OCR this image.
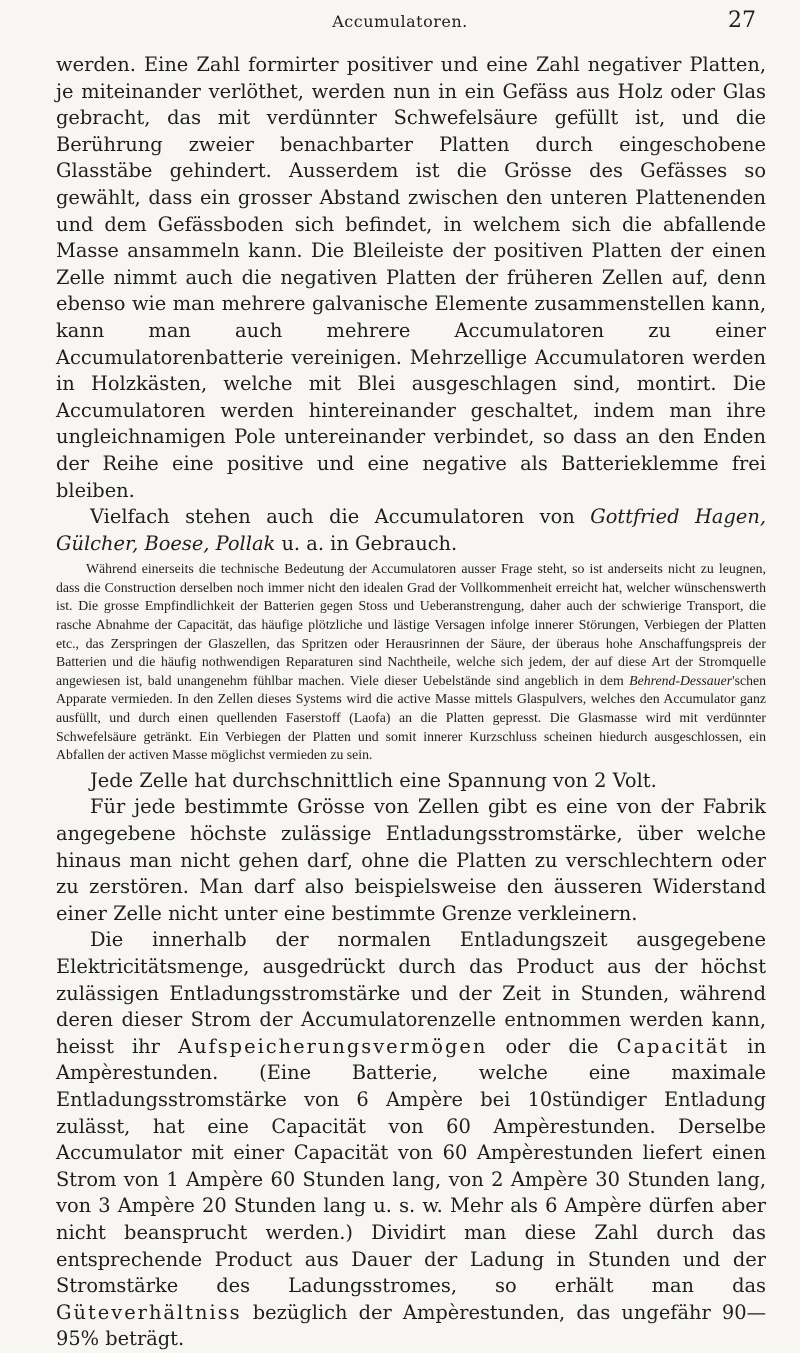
Accumulatoren.	27

werden. Eine Zahl formirter positiver und eine Zahl negativer Platten, je miteinander verlöthet, werden nun in ein Gefäss aus Holz oder Glas gebracht, das mit verdünnter Schwefelsäure gefüllt ist, und die Berührung zweier benachbarter Platten durch eingeschobene Glasstäbe gehindert. Ausserdem ist die Grösse des Gefässes so gewählt, dass ein grosser Abstand zwischen den unteren Plattenenden und dem Gefässboden sich befindet, in welchem sich die abfallende Masse ansammeln kann. Die Bleileiste der positiven Platten der einen Zelle nimmt auch die negativen Platten der früheren Zellen auf, denn ebenso wie man mehrere galvanische Elemente zusammenstellen kann, kann man auch mehrere Accumulatoren zu einer Accumulatorenbatterie vereinigen. Mehrzellige Accumulatoren werden in Holzkästen, welche mit Blei ausgeschlagen sind, montirt. Die Accumulatoren werden hintereinander geschaltet, indem man ihre ungleichnamigen Pole untereinander verbindet, so dass an den Enden der Reihe eine positive und eine negative als Batterieklemme frei bleiben.

Vielfach stehen auch die Accumulatoren von Gottfried Hagen, Gülcher, Boese, Pollak u. a. in Gebrauch.

Während einerseits die technische Bedeutung der Accumulatoren ausser Frage steht, so ist anderseits nicht zu leugnen, dass die Construction derselben noch immer nicht den idealen Grad der Vollkommenheit erreicht hat, welcher wünschenswerth ist. Die grosse Empfindlichkeit der Batterien gegen Stoss und Ueberanstrengung, daher auch der schwierige Transport, die rasche Abnahme der Capacität, das häufige plötzliche und lästige Versagen infolge innerer Störungen, Verbiegen der Platten etc., das Zerspringen der Glaszellen, das Spritzen oder Herausrinnen der Säure, der überaus hohe Anschaffungspreis der Batterien und die häufig nothwendigen Reparaturen sind Nachtheile, welche sich jedem, der auf diese Art der Stromquelle angewiesen ist, bald unangenehm fühlbar machen. Viele dieser Uebelstände sind angeblich in dem Behrend-Dessauer'schen Apparate vermieden. In den Zellen dieses Systems wird die active Masse mittels Glaspulvers, welches den Accumulator ganz ausfüllt, und durch einen quellenden Faserstoff (Laofa) an die Platten gepresst. Die Glasmasse wird mit verdünnter Schwefelsäure getränkt. Ein Verbiegen der Platten und somit innerer Kurzschluss scheinen hiedurch ausgeschlossen, ein Abfallen der activen Masse möglichst vermieden zu sein.

Jede Zelle hat durchschnittlich eine Spannung von 2 Volt.

Für jede bestimmte Grösse von Zellen gibt es eine von der Fabrik angegebene höchste zulässige Entladungsstromstärke, über welche hinaus man nicht gehen darf, ohne die Platten zu verschlechtern oder zu zerstören. Man darf also beispielsweise den äusseren Widerstand einer Zelle nicht unter eine bestimmte Grenze verkleinern.

Die innerhalb der normalen Entladungszeit ausgegebene Elektricitätsmenge, ausgedrückt durch das Product aus der höchst zulässigen Entladungsstromstärke und der Zeit in Stunden, während deren dieser Strom der Accumulatorenzelle entnommen werden kann, heisst ihr Aufspeicherungsvermögen oder die Capacität in Ampèrestunden. (Eine Batterie, welche eine maximale Entladungsstromstärke von 6 Ampère bei 10stündiger Entladung zulässt, hat eine Capacität von 60 Ampèrestunden. Derselbe Accumulator mit einer Capacität von 60 Ampèrestunden liefert einen Strom von 1 Ampère 60 Stunden lang, von 2 Ampère 30 Stunden lang, von 3 Ampère 20 Stunden lang u. s. w. Mehr als 6 Ampère dürfen aber nicht beansprucht werden.) Dividirt man diese Zahl durch das entsprechende Product aus Dauer der Ladung in Stunden und der Stromstärke des Ladungsstromes, so erhält man das Güteverhältniss bezüglich der Ampèrestunden, das ungefähr 90—95% beträgt.
